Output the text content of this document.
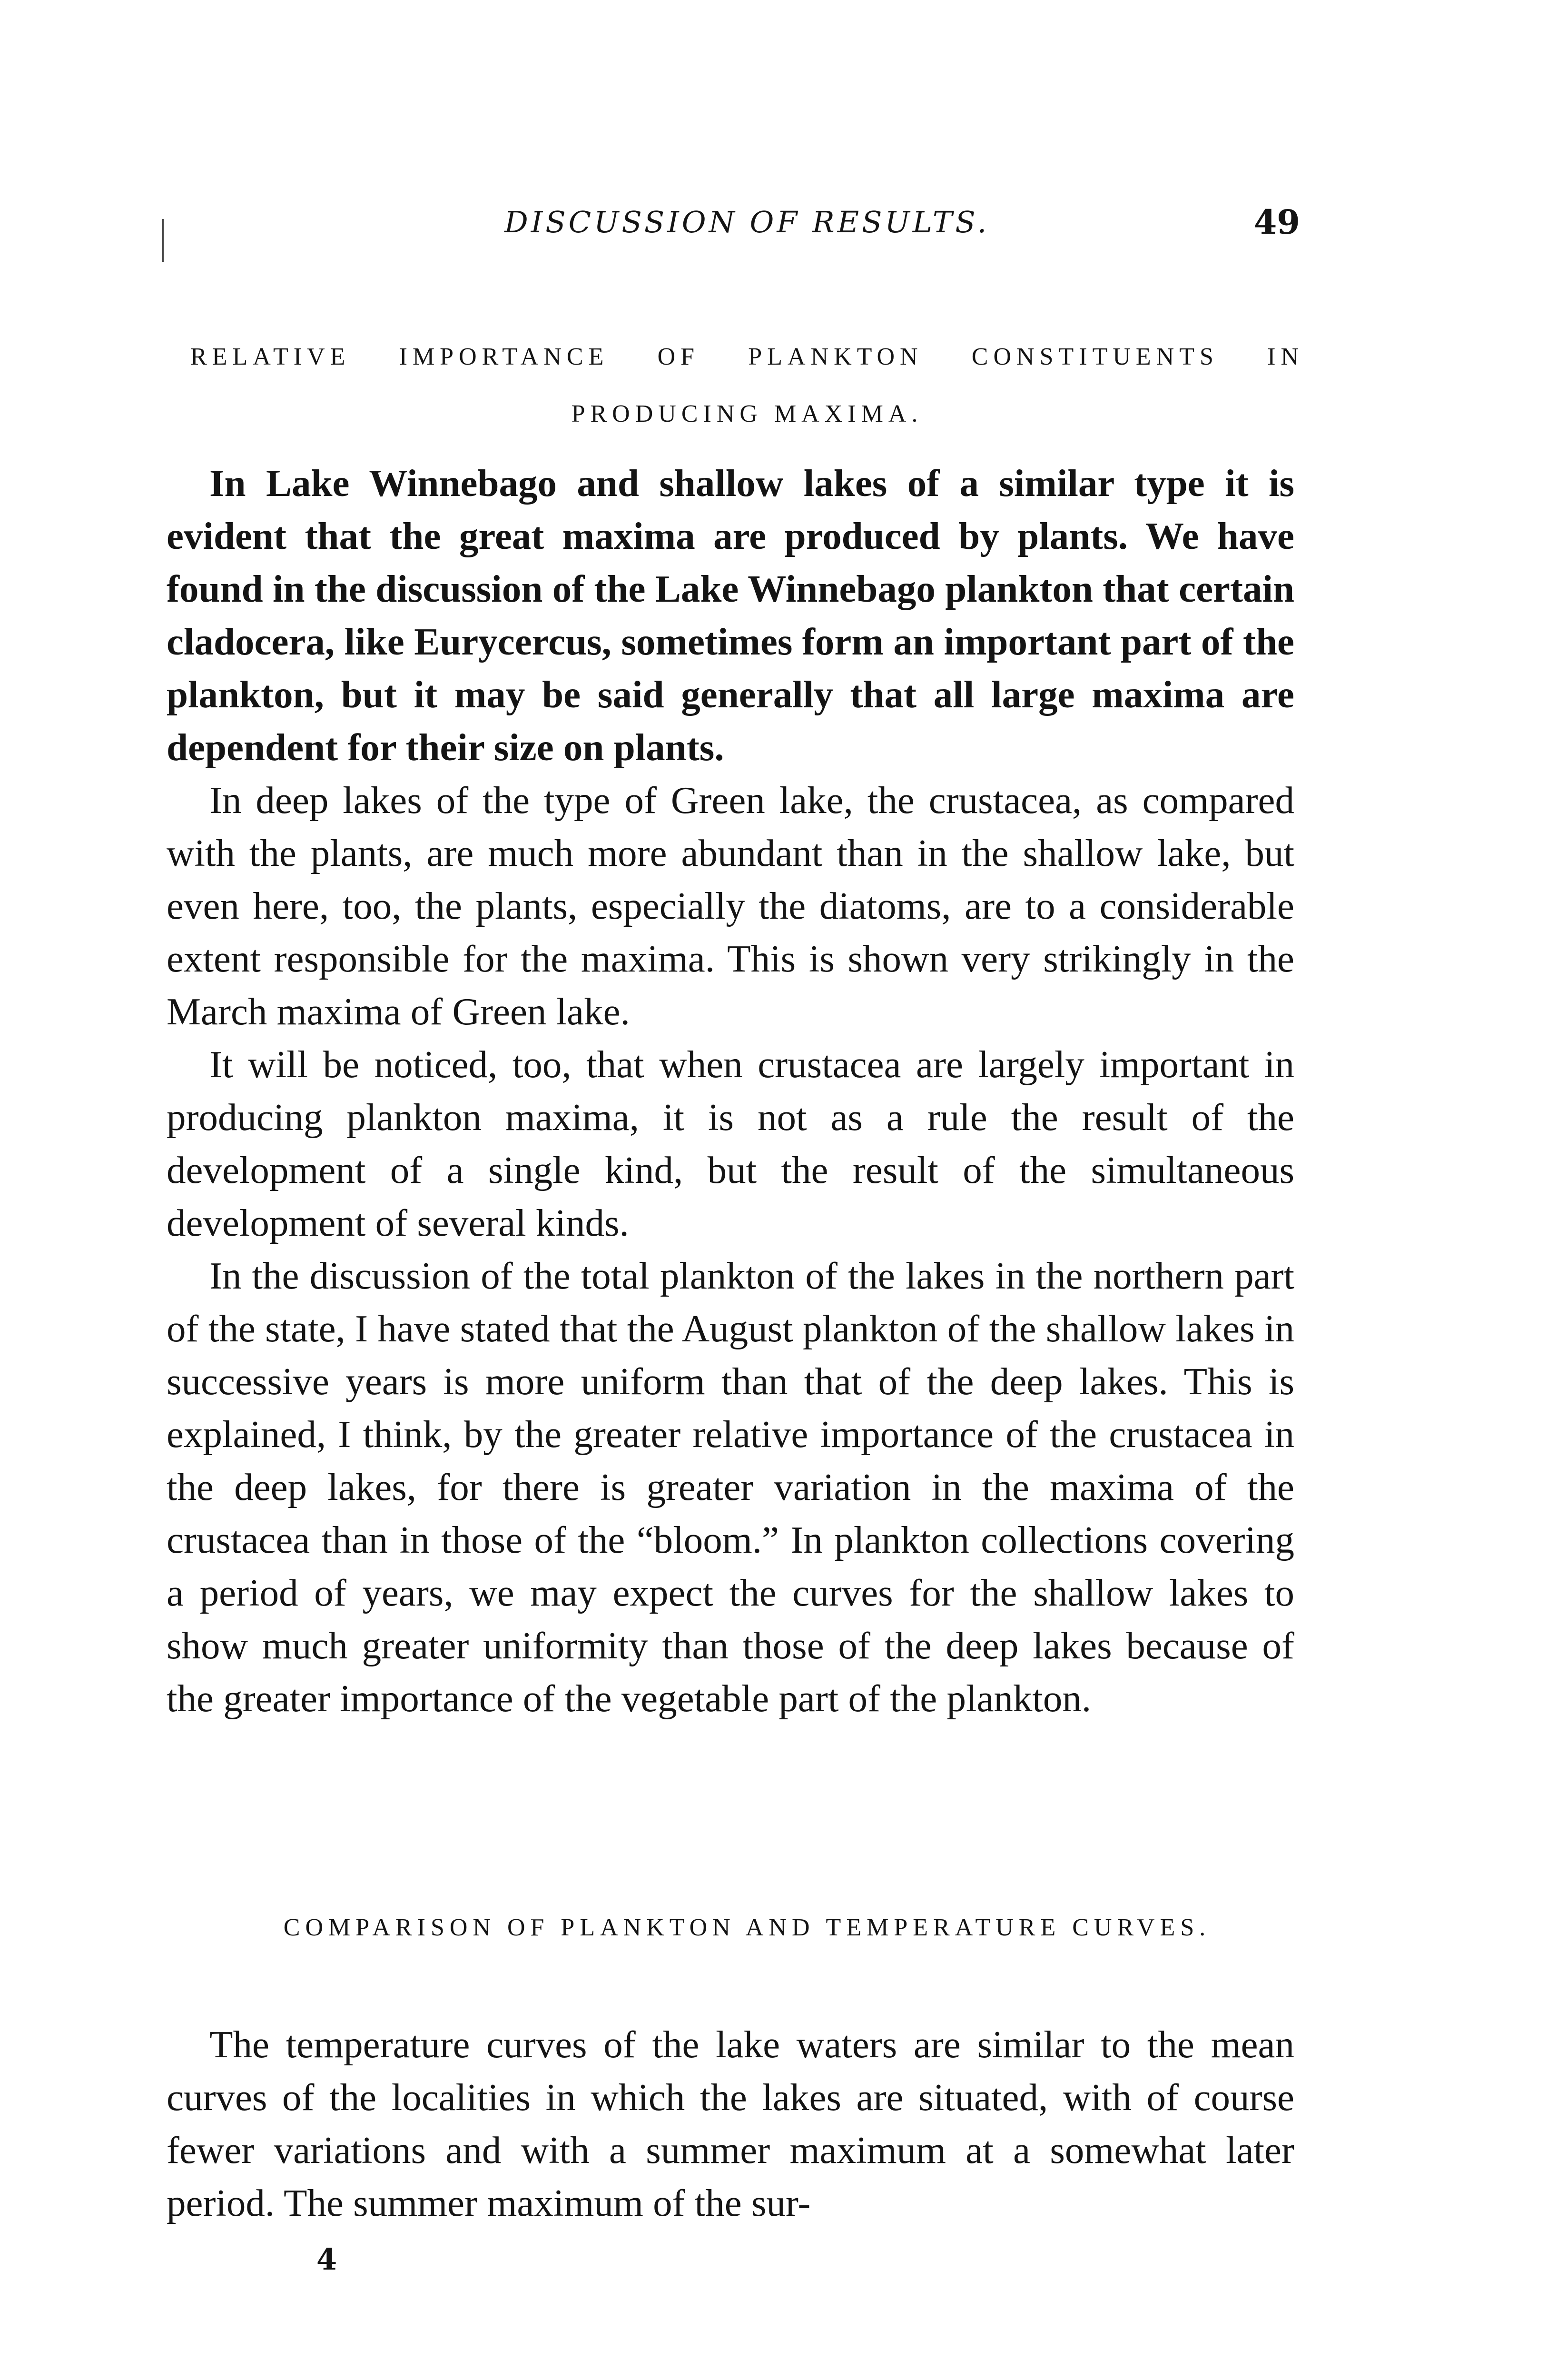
DISCUSSION OF RESULTS.	49
RELATIVE IMPORTANCE OF PLANKTON CONSTITUENTS IN PRODUCING MAXIMA.

In Lake Winnebago and shallow lakes of a similar type it is evident that the great maxima are produced by plants. We have found in the discussion of the Lake Winnebago plankton that certain cladocera, like Eurycercus, sometimes form an important part of the plankton, but it may be said generally that all large maxima are dependent for their size on plants.

In deep lakes of the type of Green lake, the crustacea, as compared with the plants, are much more abundant than in the shallow lake, but even here, too, the plants, especially the diatoms, are to a considerable extent responsible for the maxima. This is shown very strikingly in the March maxima of Green lake.

It will be noticed, too, that when crustacea are largely important in producing plankton maxima, it is not as a rule the result of the development of a single kind, but the result of the simultaneous development of several kinds.

In the discussion of the total plankton of the lakes in the northern part of the state, I have stated that the August plankton of the shallow lakes in successive years is more uniform than that of the deep lakes. This is explained, I think, by the greater relative importance of the crustacea in the deep lakes, for there is greater variation in the maxima of the crustacea than in those of the “bloom.” In plankton collections covering a period of years, we may expect the curves for the shallow lakes to show much greater uniformity than those of the deep lakes because of the greater importance of the vegetable part of the plankton.

COMPARISON OF PLANKTON AND TEMPERATURE CURVES.

The temperature curves of the lake waters are similar to the mean curves of the localities in which the lakes are situated, with of course fewer variations and with a summer maximum at a somewhat later period. The summer maximum of the sur-

4
